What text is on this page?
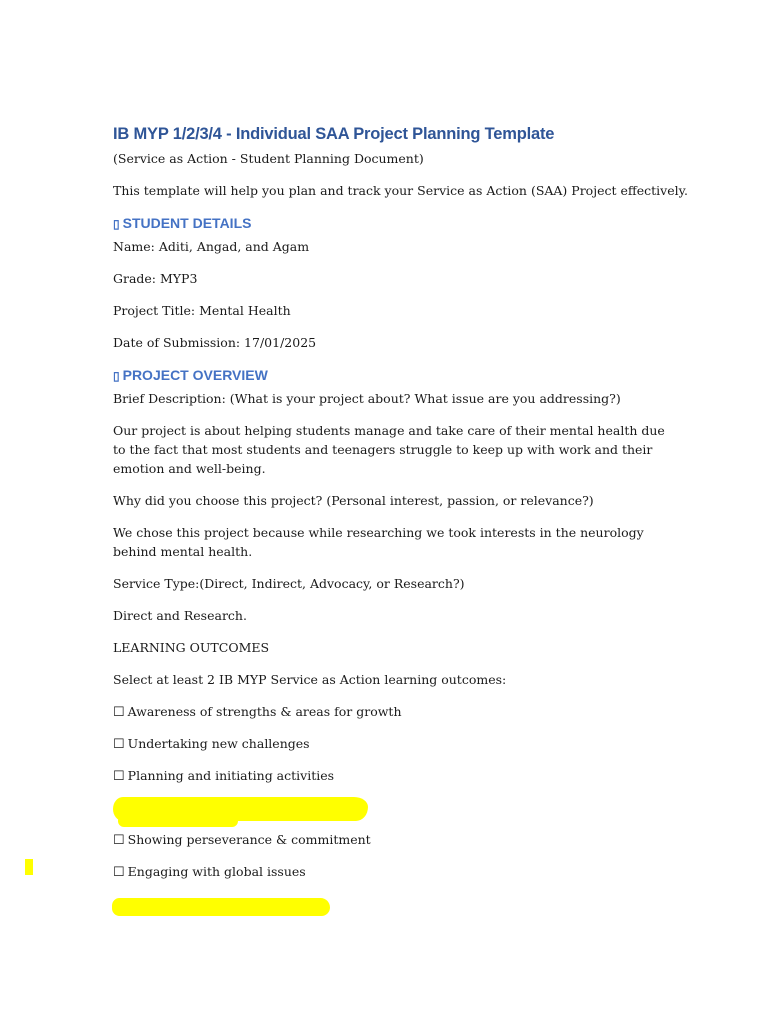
IB MYP 1/2/3/4 - Individual SAA Project Planning Template
(Service as Action - Student Planning Document)
This template will help you plan and track your Service as Action (SAA) Project effectively.
▯ STUDENT DETAILS
Name: Aditi, Angad, and Agam
Grade: MYP3
Project Title: Mental Health
Date of Submission: 17/01/2025
▯ PROJECT OVERVIEW
Brief Description: (What is your project about? What issue are you addressing?)
Our project is about helping students manage and take care of their mental health due to the fact that most students and teenagers struggle to keep up with work and their emotion and well-being.
Why did you choose this project? (Personal interest, passion, or relevance?)
We chose this project because while researching we took interests in the neurology behind mental health.
Service Type:(Direct, Indirect, Advocacy, or Research?)
Direct and Research.
LEARNING OUTCOMES
Select at least 2 IB MYP Service as Action learning outcomes:
☐ Awareness of strengths & areas for growth
☐ Undertaking new challenges
☐ Planning and initiating activities
☐ Showing perseverance & commitment
☐ Engaging with global issues
